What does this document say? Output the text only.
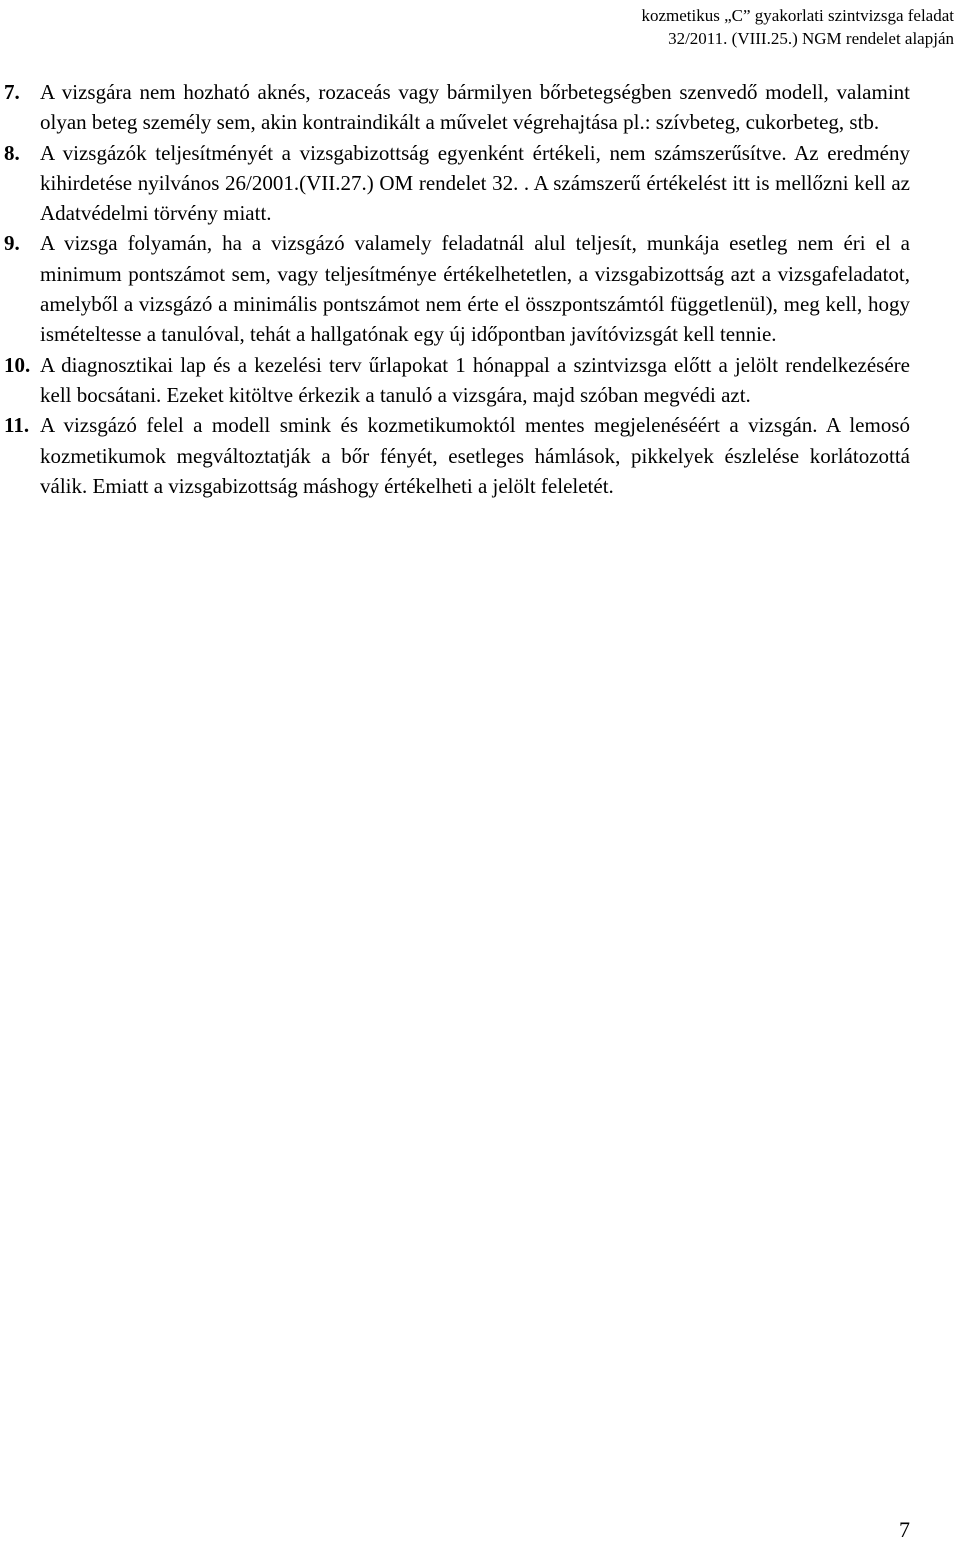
kozmetikus „C” gyakorlati szintvizsga feladat
32/2011. (VIII.25.) NGM rendelet alapján
7. A vizsgára nem hozható aknés, rozaceás vagy bármilyen bőrbetegségben szenvedő modell, valamint olyan beteg személy sem, akin kontraindikált a művelet végrehajtása pl.: szívbeteg, cukorbeteg, stb.
8. A vizsgázók teljesítményét a vizsgabizottság egyenként értékeli, nem számszerűsítve. Az eredmény kihirdetése nyilvános 26/2001.(VII.27.) OM rendelet 32. . A számszerű értékelést itt is mellőzni kell az Adatvédelmi törvény miatt.
9. A vizsga folyamán, ha a vizsgázó valamely feladatnál alul teljesít, munkája esetleg nem éri el a minimum pontszámot sem, vagy teljesítménye értékelhetetlen, a vizsgabizottság azt a vizsgafeladatot, amelyből a vizsgázó a minimális pontszámot nem érte el összpontszámtól függetlenül), meg kell, hogy ismételtesse a tanulóval, tehát a hallgatónak egy új időpontban javítóvizsgát kell tennie.
10. A diagnosztikai lap és a kezelési terv űrlapokat 1 hónappal a szintvizsga előtt a jelölt rendelkezésére kell bocsátani. Ezeket kitöltve érkezik a tanuló a vizsgára, majd szóban megvédi azt.
11. A vizsgázó felel a modell smink és kozmetikumoktól mentes megjelenéséért a vizsgán. A lemosó kozmetikumok megváltoztatják a bőr fényét, esetleges hámlások, pikkelyek észlelése korlátozottá válik. Emiatt a vizsgabizottság máshogy értékelheti a jelölt feleletét.
7
